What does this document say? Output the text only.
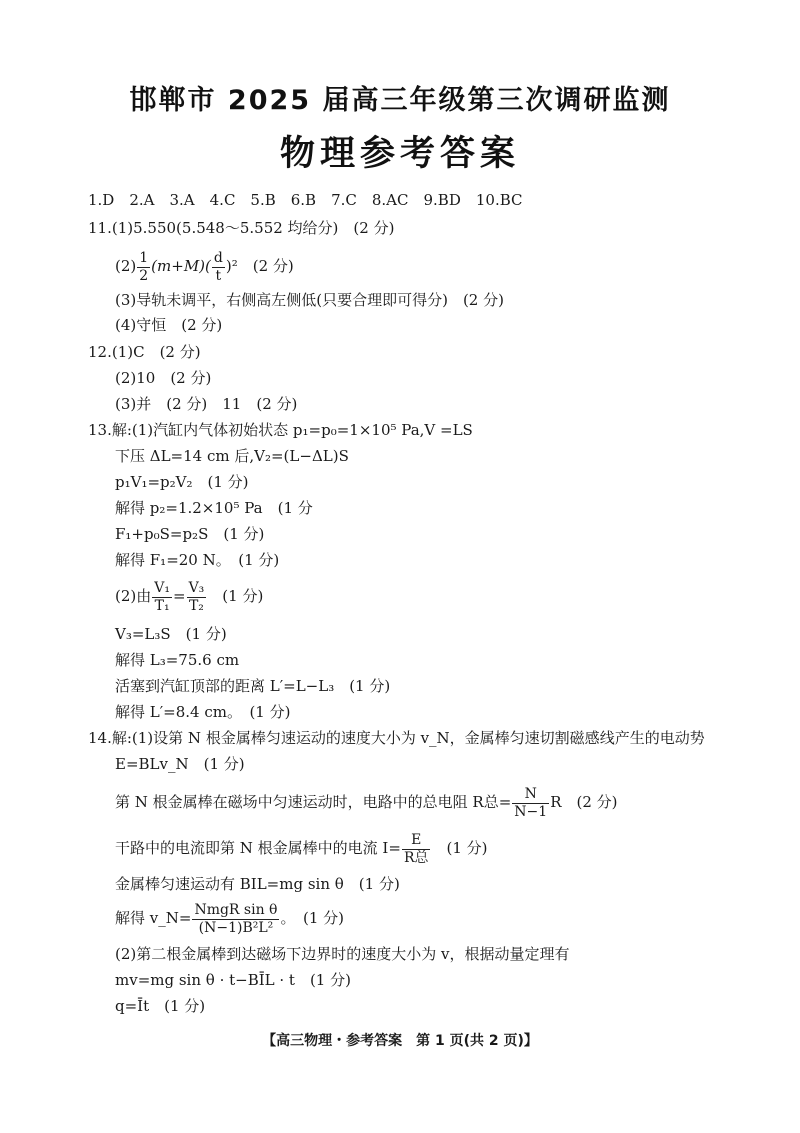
邯郸市 2025 届高三年级第三次调研监测
物理参考答案
1.D　2.A　3.A　4.C　5.B　6.B　7.C　8.AC　9.BD　10.BC
11.(1)5.550(5.548～5.552 均给分)　(2 分)
$(2) \frac{1}{2} (m+M)( \frac{d}{t} )^2$　(2 分)
(3)导轨未调平，右侧高左侧低(只要合理即可得分)　(2 分)
(4)守恒　(2 分)
12.(1)C　(2 分)
(2)10　(2 分)
(3)并　(2 分)　11　(2 分)
13.解:(1)汽缸内气体初始状态 p₁=p₀=1×10⁵ Pa,V =LS
下压 ΔL=14 cm 后,V₂=(L−ΔL)S
p₁V₁=p₂V₂　(1 分)
解得 p₂=1.2×10⁵ Pa　(1 分
F₁+p₀S=p₂S　(1 分)
解得 F₁=20 N。　(1 分)
(2)由 $\frac{\text{V₁}}{\text{T₁}} = \frac{\text{V₃}}{\text{T₂}}$ 　(1 分)
V₃=L₃S　(1 分)
解得 L₃=75.6 cm
活塞到汽缸顶部的距离 L′=L−L₃　(1 分)
解得 L′=8.4 cm。　(1 分)
14.解:(1)设第 N 根金属棒匀速运动的速度大小为 v_N，金属棒匀速切割磁感线产生的电动势
E=BLv_N　(1 分)
第 N 根金属棒在磁场中匀速运动时，电路中的总电阻 R总= $\frac{N}{N-1}$ R　(2 分)
干路中的电流即第 N 根金属棒中的电流 $I= \frac{E}{\text{R总}}$ 　(1 分)
金属棒匀速运动有 BIL=mg sin θ　(1 分)
解得 v_N= $\frac{\text{NmgR sin θ}}{\text{(N−1)B²L²}}$ 。　(1 分)
(2)第二根金属棒到达磁场下边界时的速度大小为 v，根据动量定理有
mv=mg sin θ · t−BĪL · t　(1 分)
q=Īt　(1 分)
【高三物理・参考答案　第 1 页(共 2 页)】
